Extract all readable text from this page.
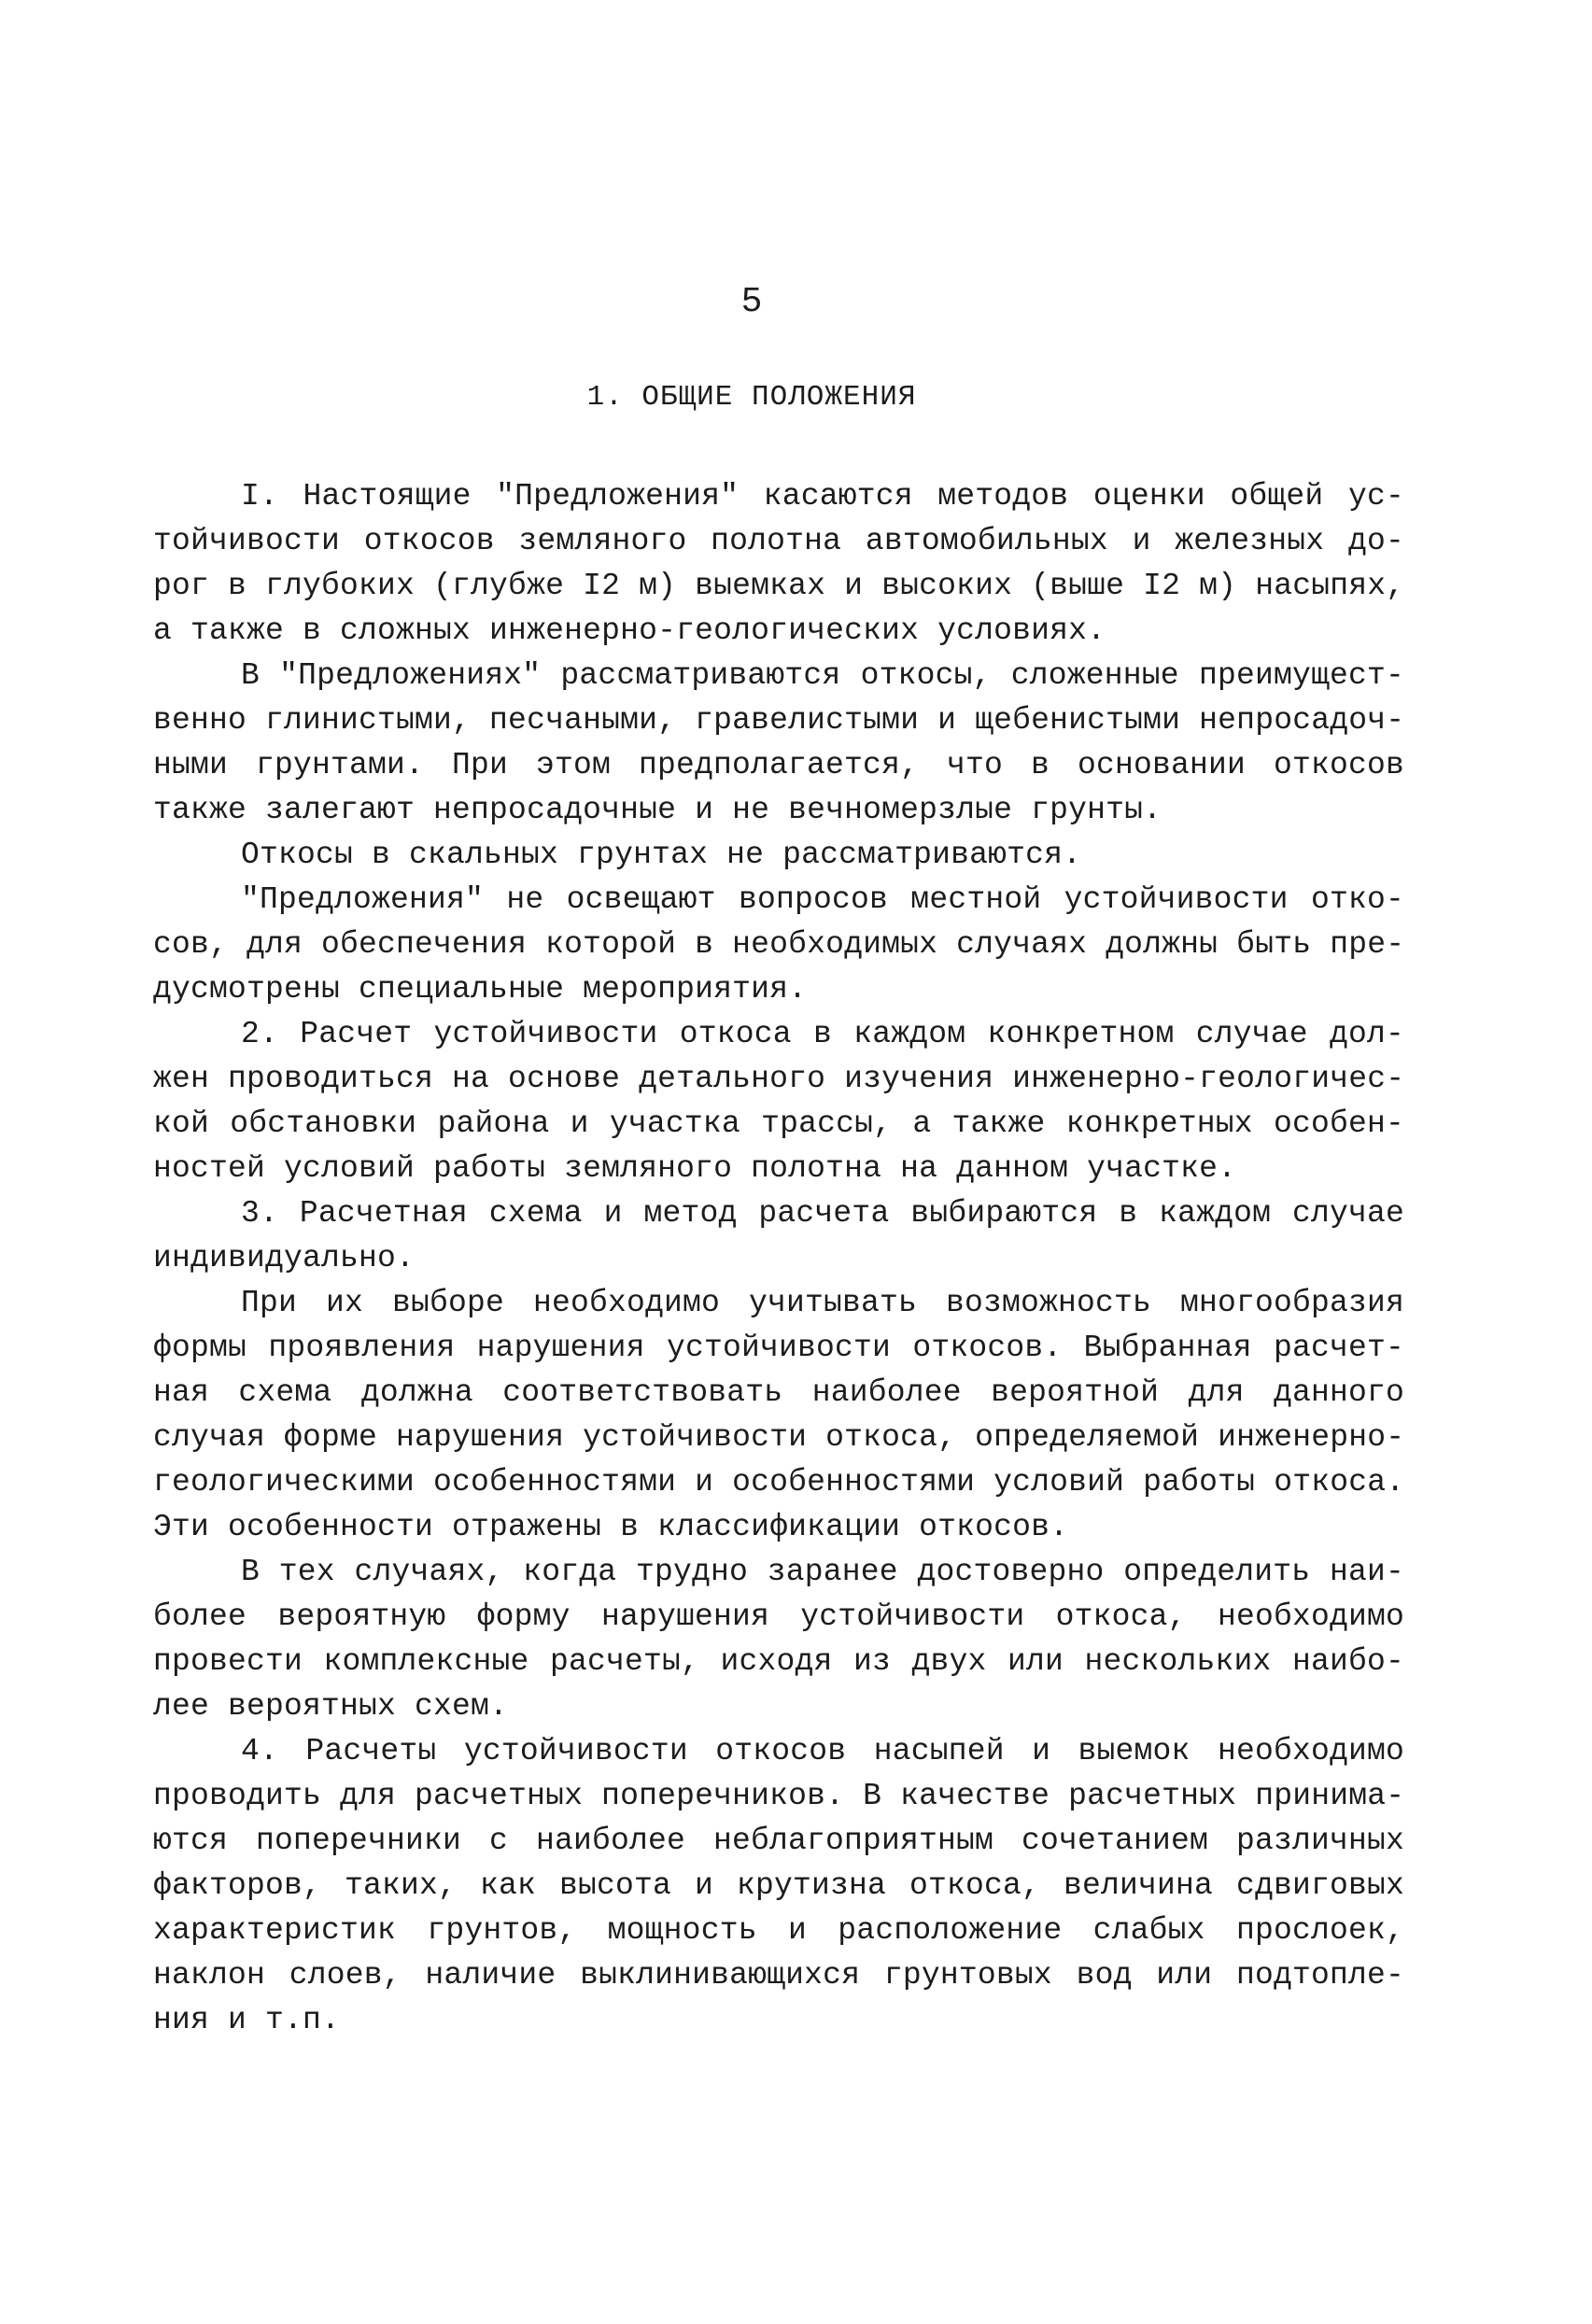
5
1. ОБЩИЕ ПОЛОЖЕНИЯ
I. Настоящие "Предложения" касаются методов оценки общей ус-
тойчивости откосов земляного полотна автомобильных и железных до-
рог в глубоких (глубже I2 м) выемках и высоких (выше I2 м) насыпях,
а также в сложных инженерно-геологических условиях.
В "Предложениях" рассматриваются откосы, сложенные преимущест-
венно глинистыми, песчаными, гравелистыми и щебенистыми непросадоч-
ными грунтами. При этом предполагается, что в основании откосов
также залегают непросадочные и не вечномерзлые грунты.
Откосы в скальных грунтах не рассматриваются.
"Предложения" не освещают вопросов местной устойчивости отко-
сов, для обеспечения которой в необходимых случаях должны быть пре-
дусмотрены специальные мероприятия.
2. Расчет устойчивости откоса в каждом конкретном случае дол-
жен проводиться на основе детального изучения инженерно-геологичес-
кой обстановки района и участка трассы, а также конкретных особен-
ностей условий работы земляного полотна на данном участке.
3. Расчетная схема и метод расчета выбираются в каждом случае
индивидуально.
При их выборе необходимо учитывать возможность многообразия
формы проявления нарушения устойчивости откосов. Выбранная расчет-
ная схема должна соответствовать наиболее вероятной для данного
случая форме нарушения устойчивости откоса, определяемой инженерно-
геологическими особенностями и особенностями условий работы откоса.
Эти особенности отражены в классификации откосов.
В тех случаях, когда трудно заранее достоверно определить наи-
более вероятную форму нарушения устойчивости откоса, необходимо
провести комплексные расчеты, исходя из двух или нескольких наибо-
лее вероятных схем.
4. Расчеты устойчивости откосов насыпей и выемок необходимо
проводить для расчетных поперечников. В качестве расчетных принима-
ются поперечники с наиболее неблагоприятным сочетанием различных
факторов, таких, как высота и крутизна откоса, величина сдвиговых
характеристик грунтов, мощность и расположение слабых прослоек,
наклон слоев, наличие выклинивающихся грунтовых вод или подтопле-
ния и т.п.
